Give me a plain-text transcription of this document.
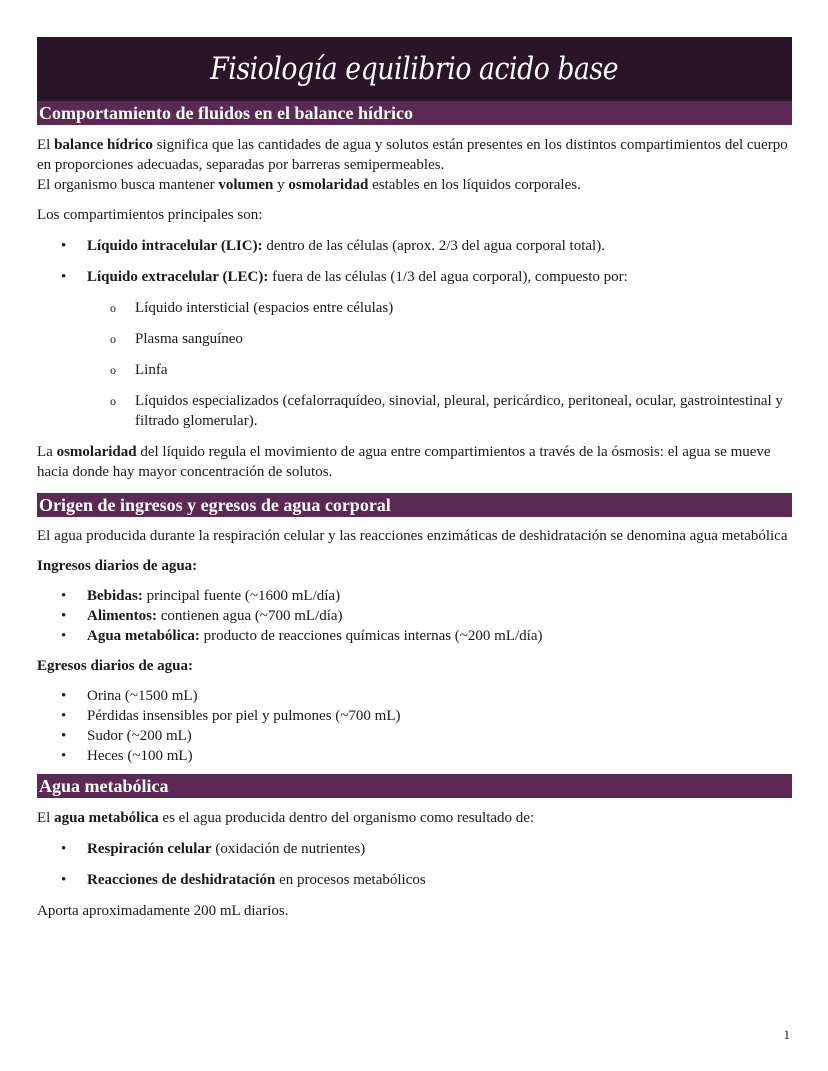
Fisiología equilibrio acido base
Comportamiento de fluidos en el balance hídrico

El balance hídrico significa que las cantidades de agua y solutos están presentes en los distintos compartimientos del cuerpo en proporciones adecuadas, separadas por barreras semipermeables.

El organismo busca mantener volumen y osmolaridad estables en los líquidos corporales.

Los compartimientos principales son:

• Líquido intracelular (LIC): dentro de las células (aprox. 2/3 del agua corporal total).
• Líquido extracelular (LEC): fuera de las células (1/3 del agua corporal), compuesto por:
o Líquido intersticial (espacios entre células)
o Plasma sanguíneo
o Linfa
o Líquidos especializados (cefalorraquídeo, sinovial, pleural, pericárdico, peritoneal, ocular, gastrointestinal y filtrado glomerular).

La osmolaridad del líquido regula el movimiento de agua entre compartimientos a través de la ósmosis: el agua se mueve hacia donde hay mayor concentración de solutos.

Origen de ingresos y egresos de agua corporal

El agua producida durante la respiración celular y las reacciones enzimáticas de deshidratación se denomina agua metabólica

Ingresos diarios de agua:

• Bebidas: principal fuente (~1600 mL/día)
• Alimentos: contienen agua (~700 mL/día)
• Agua metabólica: producto de reacciones químicas internas (~200 mL/día)

Egresos diarios de agua:

• Orina (~1500 mL)
• Pérdidas insensibles por piel y pulmones (~700 mL)
• Sudor (~200 mL)
• Heces (~100 mL)
Agua metabólica

El agua metabólica es el agua producida dentro del organismo como resultado de:

• Respiración celular (oxidación de nutrientes)
• Reacciones de deshidratación en procesos metabólicos

Aporta aproximadamente 200 mL diarios.

1
